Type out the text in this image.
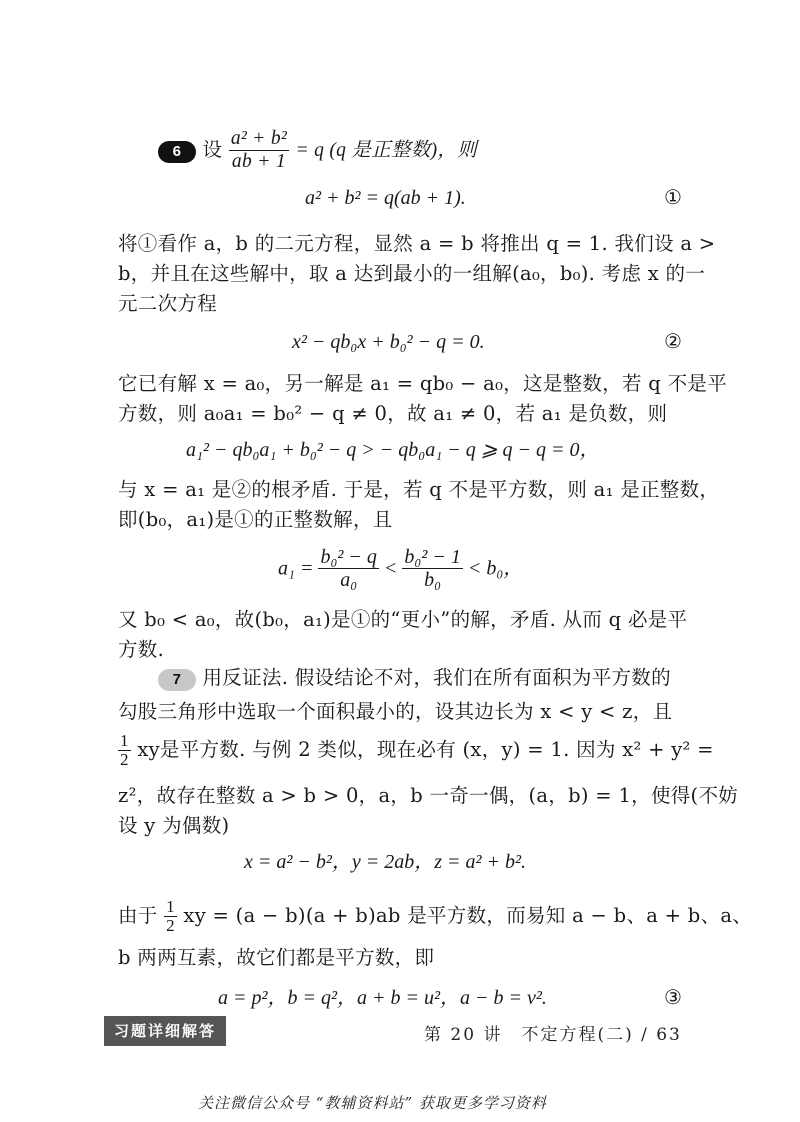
6 设 $\frac{\text{a² + b²}}{ab + 1} = q$ (q 是正整数)，则
a² + b² = q(ab + 1).	①
将①看作 a，b 的二元方程，显然 a = b 将推出 q = 1. 我们设 a >
b，并且在这些解中，取 a 达到最小的一组解(a₀，b₀). 考虑 x 的一
元二次方程
x² − qb₀x + b₀² − q = 0.	②
它已有解 x = a₀，另一解是 a₁ = qb₀ − a₀，这是整数，若 q 不是平
方数，则 a₀a₁ = b₀² − q ≠ 0，故 a₁ ≠ 0，若 a₁ 是负数，则
a₁² − qb₀a₁ + b₀² − q > − qb₀a₁ − q ⩾ q − q = 0，
与 x = a₁ 是②的根矛盾. 于是，若 q 不是平方数，则 a₁ 是正整数，
即(b₀，a₁)是①的正整数解，且
$a_1 = \frac{\text{b₀² − q}}{\text{a₀}} < \frac{\text{b₀² − 1}}{\text{b₀}} < b_0$，
又 b₀ < a₀，故(b₀，a₁)是①的“更小”的解，矛盾. 从而 q 必是平
方数.
7 用反证法. 假设结论不对，我们在所有面积为平方数的
勾股三角形中选取一个面积最小的，设其边长为 x < y < z，且
$\frac{1}{2}$ xy是平方数. 与例 2 类似，现在必有 (x，y) = 1. 因为 x² + y² =
z²，故存在整数 a > b > 0，a，b 一奇一偶，(a，b) = 1，使得(不妨
设 y 为偶数)
x = a² − b²，y = 2ab，z = a² + b².
由于 $\frac{1}{2}$ xy = (a − b)(a + b)ab 是平方数，而易知 a − b、a + b、a、
b 两两互素，故它们都是平方数，即
a = p²，b = q²，a + b = u²，a − b = v².	③
习题详细解答	第 20 讲　不定方程(二) / 63
关注微信公众号 “教辅资料站” 获取更多学习资料
